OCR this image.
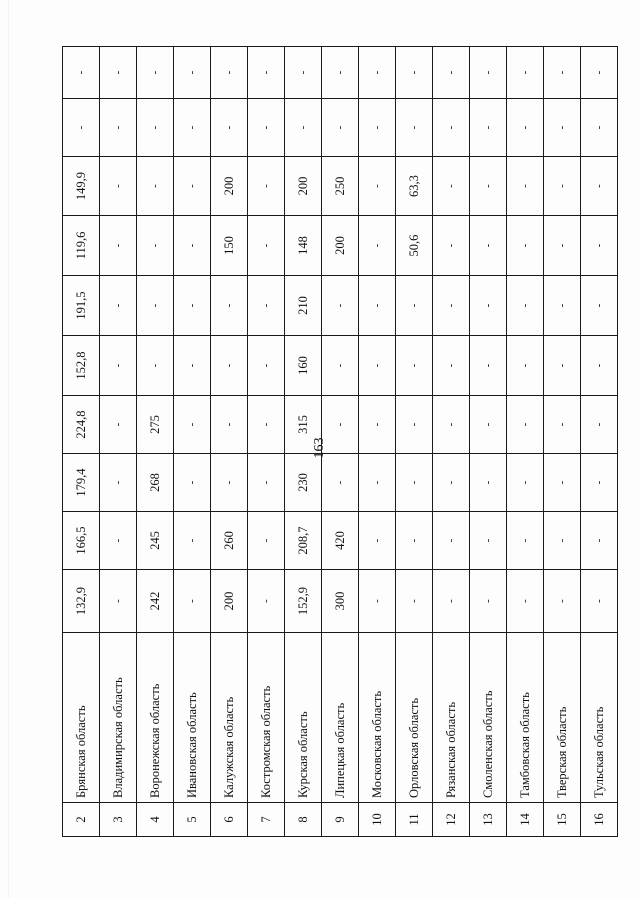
163
2	Брянская область	132,9	166,5	179,4	224,8	152,8	191,5	119,6	149,9	-	-
3	Владимирская область	-	-	-	-	-	-	-	-	-	-
4	Воронежская область	242	245	268	275	-	-	-	-	-	-
5	Ивановская область	-	-	-	-	-	-	-	-	-	-
6	Калужская область	200	260	-	-	-	-	150	200	-	-
7	Костромская область	-	-	-	-	-	-	-	-	-	-
8	Курская область	152,9	208,7	230	315	160	210	148	200	-	-
9	Липецкая область	300	420	-	-	-	-	200	250	-	-
10	Московская область	-	-	-	-	-	-	-	-	-	-
11	Орловская область	-	-	-	-	-	-	50,6	63,3	-	-
12	Рязанская область	-	-	-	-	-	-	-	-	-	-
13	Смоленская область	-	-	-	-	-	-	-	-	-	-
14	Тамбовская область	-	-	-	-	-	-	-	-	-	-
15	Тверская область	-	-	-	-	-	-	-	-	-	-
16	Тульская область	-	-	-	-	-	-	-	-	-	-
